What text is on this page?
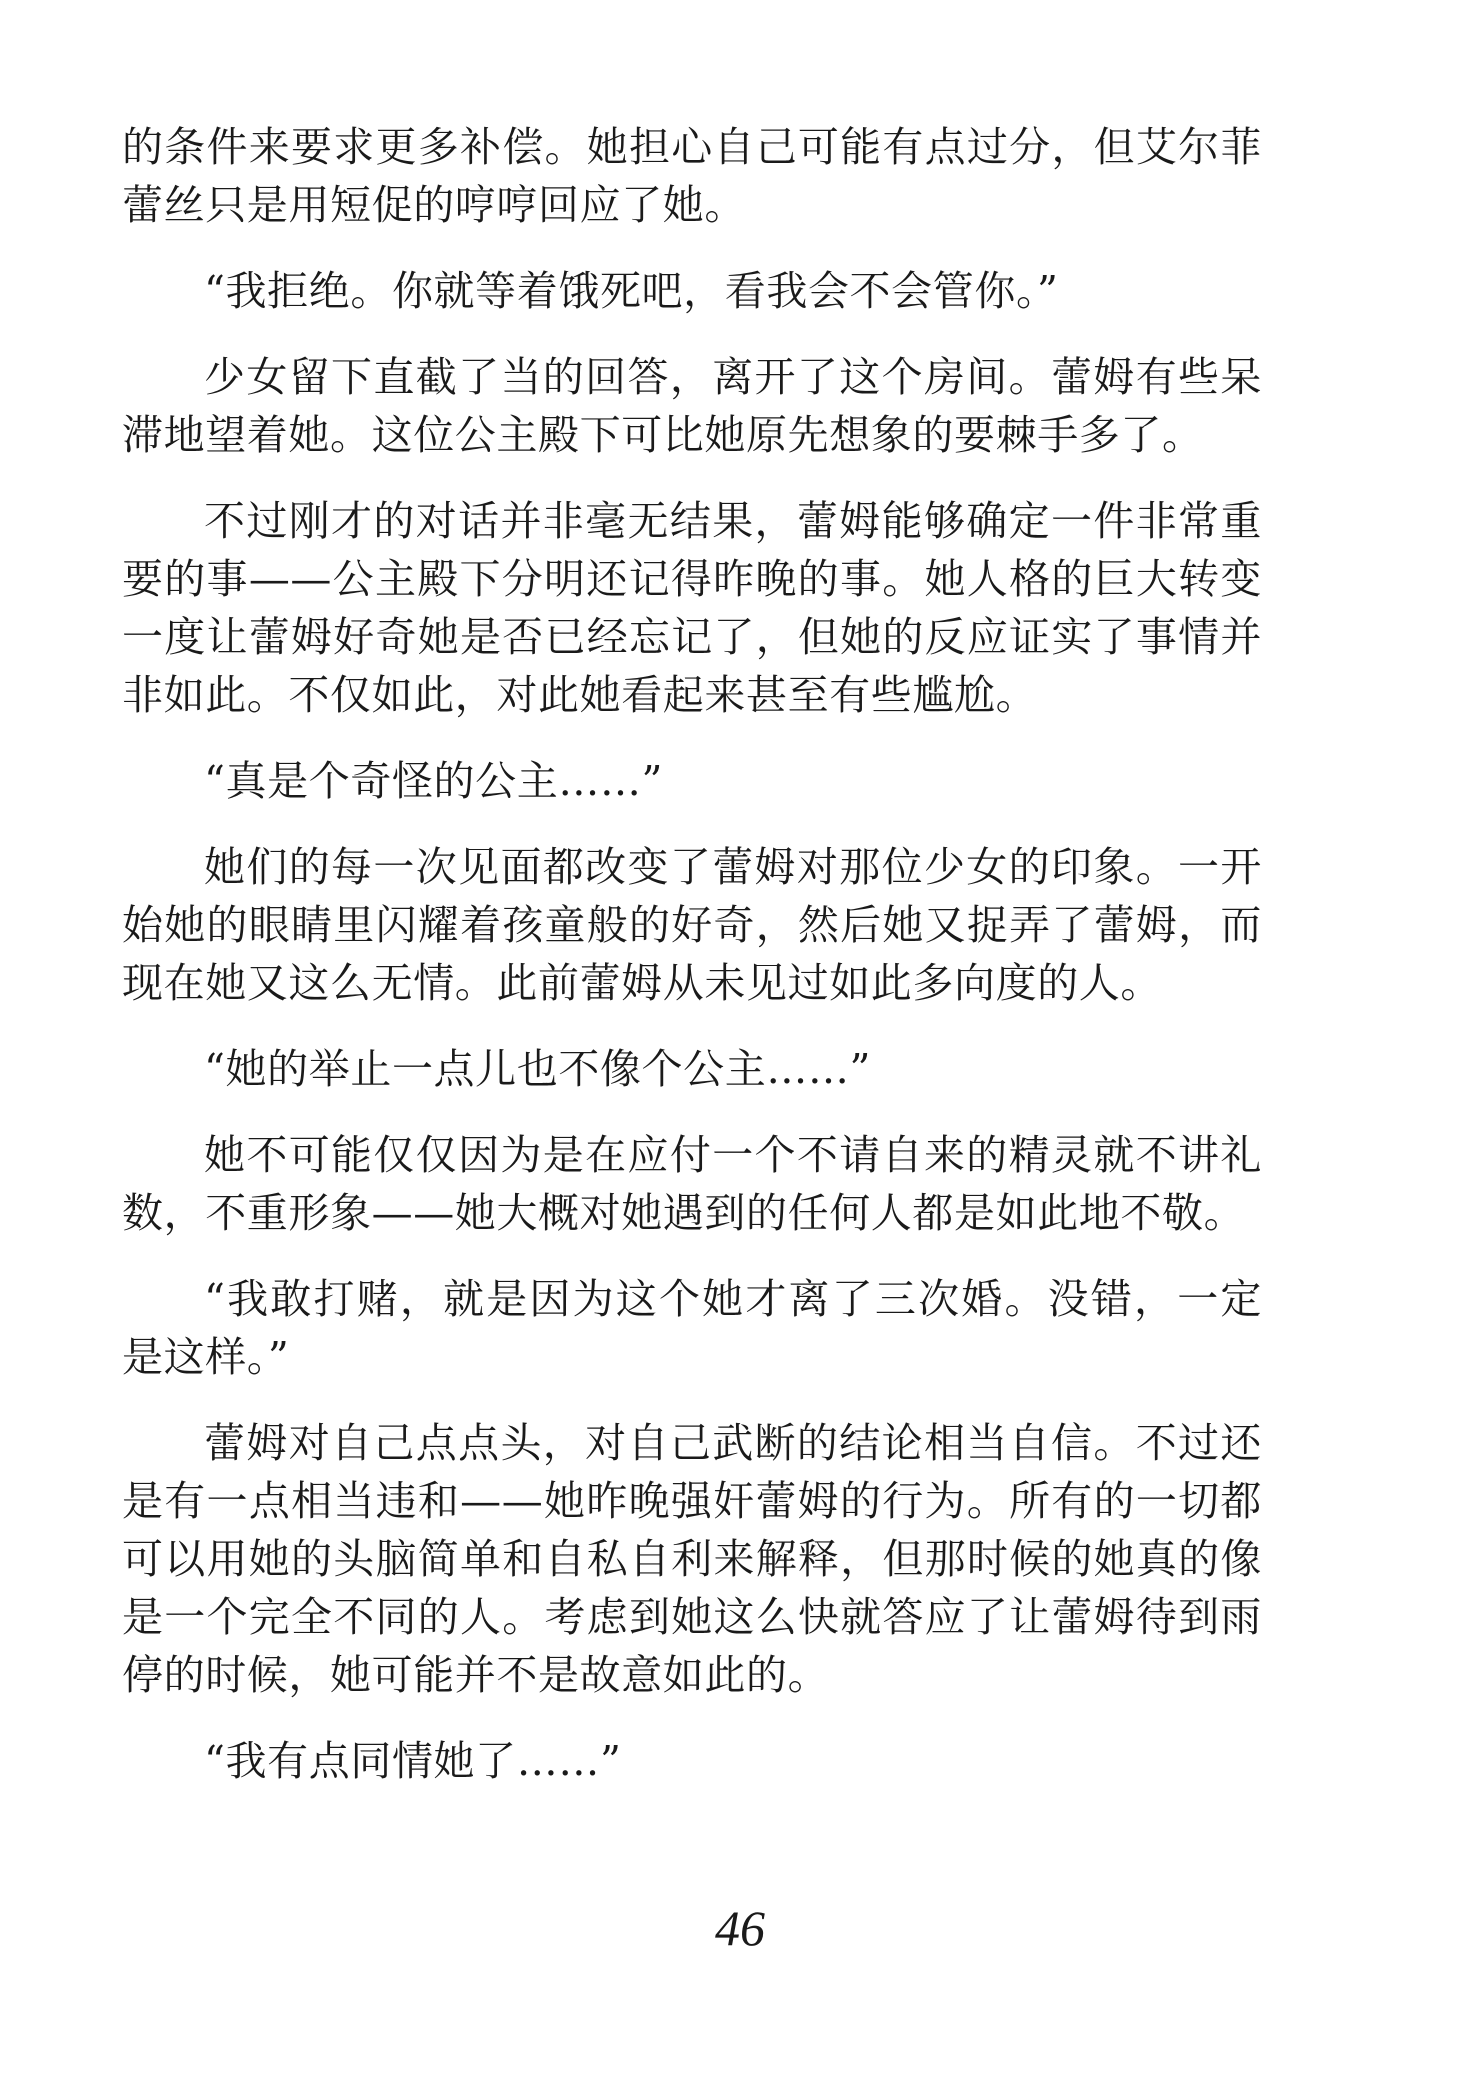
的条件来要求更多补偿。她担心自己可能有点过分，但艾尔菲蕾丝只是用短促的哼哼回应了她。

“我拒绝。你就等着饿死吧，看我会不会管你。”

少女留下直截了当的回答，离开了这个房间。蕾姆有些呆滞地望着她。这位公主殿下可比她原先想象的要棘手多了。

不过刚才的对话并非毫无结果，蕾姆能够确定一件非常重要的事——公主殿下分明还记得昨晚的事。她人格的巨大转变一度让蕾姆好奇她是否已经忘记了，但她的反应证实了事情并非如此。不仅如此，对此她看起来甚至有些尴尬。

“真是个奇怪的公主……”

她们的每一次见面都改变了蕾姆对那位少女的印象。一开始她的眼睛里闪耀着孩童般的好奇，然后她又捉弄了蕾姆，而现在她又这么无情。此前蕾姆从未见过如此多向度的人。

“她的举止一点儿也不像个公主……”

她不可能仅仅因为是在应付一个不请自来的精灵就不讲礼数，不重形象——她大概对她遇到的任何人都是如此地不敬。

“我敢打赌，就是因为这个她才离了三次婚。没错，一定是这样。”

蕾姆对自己点点头，对自己武断的结论相当自信。不过还是有一点相当违和——她昨晚强奸蕾姆的行为。所有的一切都可以用她的头脑简单和自私自利来解释，但那时候的她真的像是一个完全不同的人。考虑到她这么快就答应了让蕾姆待到雨停的时候，她可能并不是故意如此的。

“我有点同情她了……”

46
